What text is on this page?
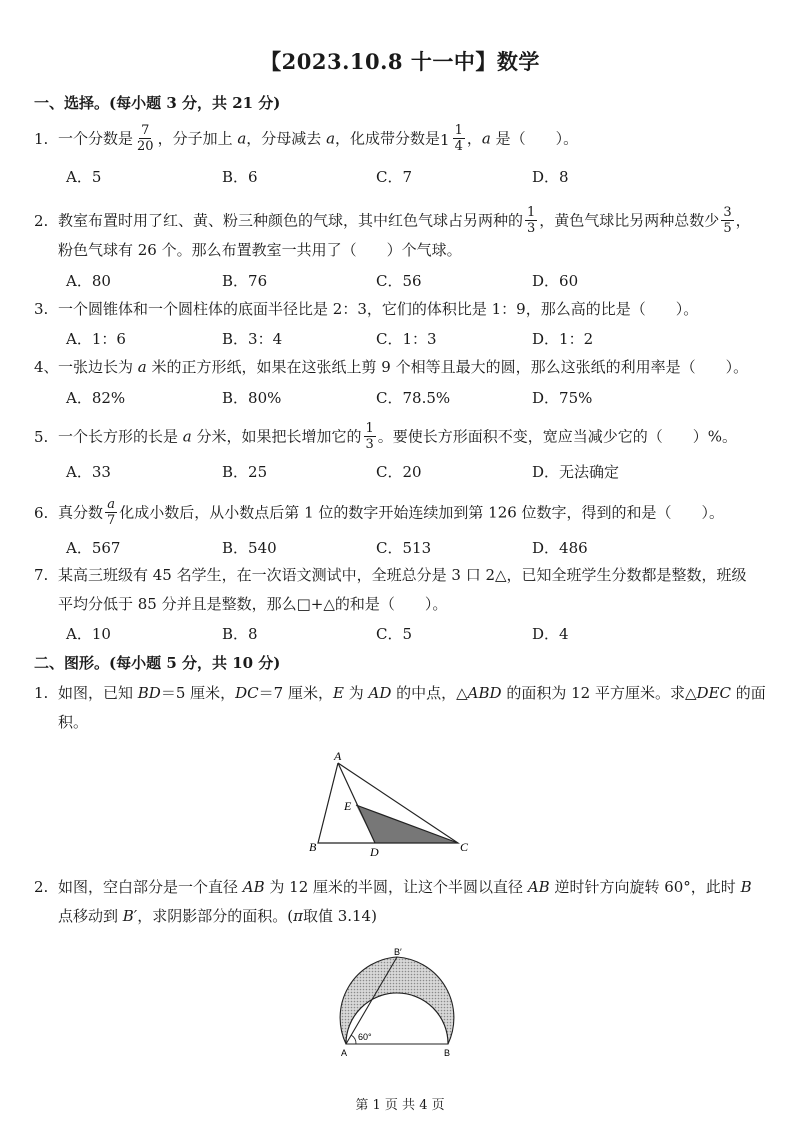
【2023.10.8 十一中】数学
一、选择。(每小题 3 分，共 21 分)
1. 一个分数是 $\frac{7}{20}$ ，分子加上 a，分母减去 a，化成带分数是 $1 \frac{1}{4}$ ，a 是（　　）。
A．5	B．6	C．7	D．8
2. 教室布置时用了红、黄、粉三种颜色的气球，其中红色气球占另两种的 $\frac{1}{3}$ ，黄色气球比另两种总数少 $\frac{3}{5}$ ，
粉色气球有 26 个。那么布置教室一共用了（　　）个气球。
A．80	B．76	C．56	D．60
3. 一个圆锥体和一个圆柱体的底面半径比是 2：3，它们的体积比是 1：9，那么高的比是（　　）。
A．1：6	B．3：4	C．1：3	D．1：2
4、一张边长为 a 米的正方形纸，如果在这张纸上剪 9 个相等且最大的圆，那么这张纸的利用率是（　　）。
A．82%	B．80%	C．78.5%	D．75%
5. 一个长方形的长是 a 分米，如果把长增加它的 $\frac{1}{3}$ 。要使长方形面积不变，宽应当减少它的（　　）%。
A．33	B．25	C．20	D．无法确定
6. 真分数 $\frac{a}{7}$ 化成小数后，从小数点后第 1 位的数字开始连续加到第 126 位数字，得到的和是（　　）。
A．567	B．540	C．513	D．486
7. 某高三班级有 45 名学生，在一次语文测试中，全班总分是 3 口 2△，已知全班学生分数都是整数，班级
平均分低于 85 分并且是整数，那么□+△的和是（　　）。
A．10	B．8	C．5	D．4
二、图形。(每小题 5 分，共 10 分)
1. 如图，已知 BD＝5 厘米，DC＝7 厘米，E 为 AD 的中点，△ABD 的面积为 12 平方厘米。求△DEC 的面
积。
A
B	C
D
E
2. 如图，空白部分是一个直径 AB 为 12 厘米的半圆，让这个半圆以直径 AB 逆时针方向旋转 60°，此时 B
点移动到 B′，求阴影部分的面积。(π取值 3.14)
60°
A	B
B′
第 1 页 共 4 页
